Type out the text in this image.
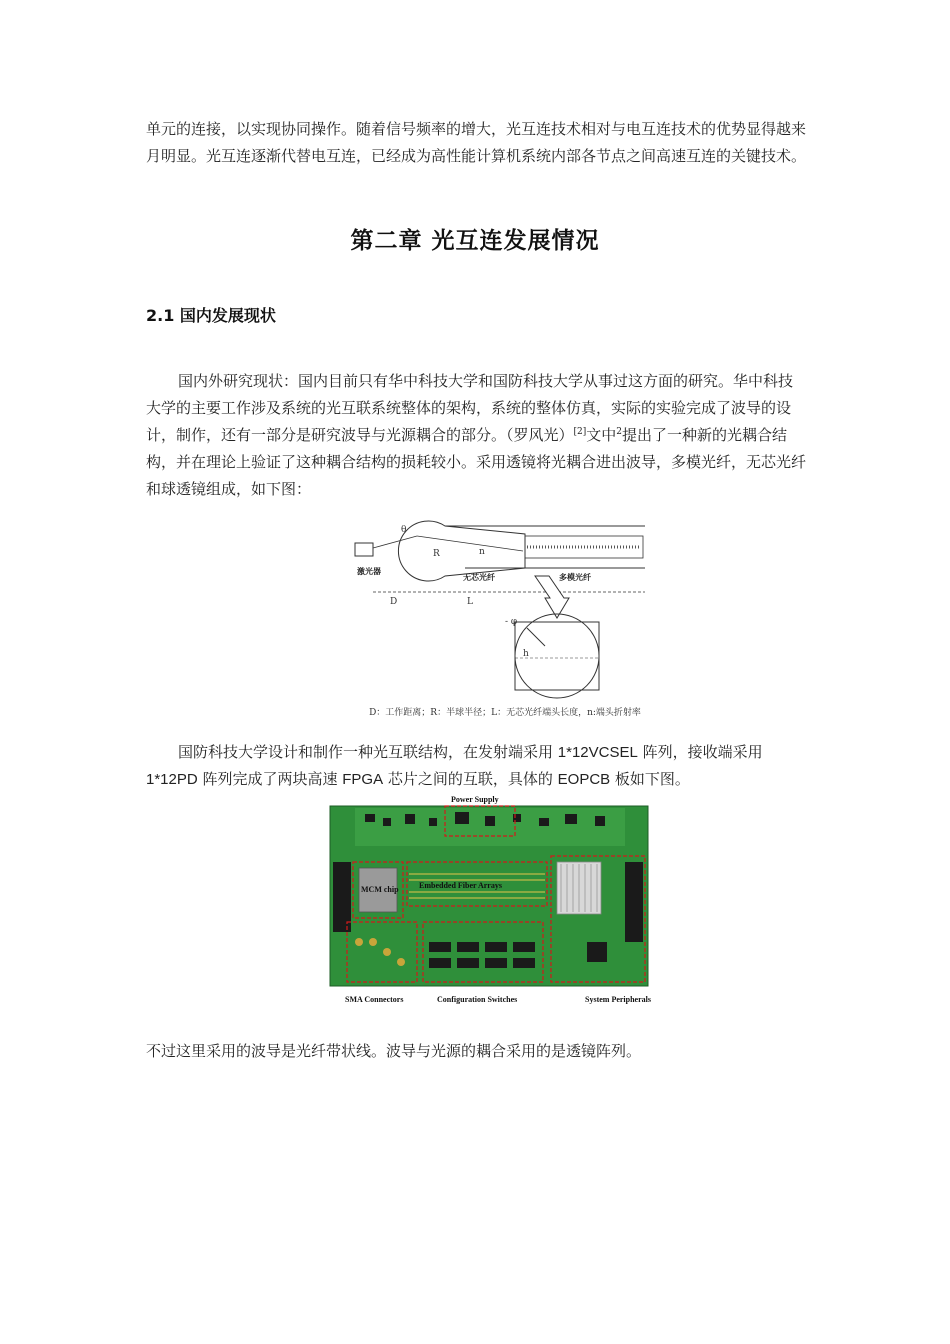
单元的连接，以实现协同操作。随着信号频率的增大，光互连技术相对与电互连技术的优势显得越来月明显。光互连逐渐代替电互连，已经成为高性能计算机系统内部各节点之间高速互连的关键技术。

第二章 光互连发展情况
2.1 国内发展现状

国内外研究现状：国内目前只有华中科技大学和国防科技大学从事过这方面的研究。华中科技大学的主要工作涉及系统的光互联系统整体的架构，系统的整体仿真，实际的实验完成了波导的设计，制作，还有一部分是研究波导与光源耦合的部分。（罗风光）[2]文中$^2$提出了一种新的光耦合结构，并在理论上验证了这种耦合结构的损耗较小。采用透镜将光耦合进出波导，多模光纤，无芯光纤和球透镜组成，如下图：

θ
R	n
激光器
无芯光纤	多模光纤
D	L
- φ
h
D：工作距离；R：半球半径；L：无芯光纤端头长度，n:端头折射率

国防科技大学设计和制作一种光互联结构，在发射端采用 1*12VCSEL 阵列，接收端采用 1*12PD 阵列完成了两块高速 FPGA 芯片之间的互联，具体的 EOPCB 板如下图。

Power Supply
MCM chip	Embedded Fiber Arrays
SMA Connectors	Configuration Switches	System Peripherals

不过这里采用的波导是光纤带状线。波导与光源的耦合采用的是透镜阵列。
